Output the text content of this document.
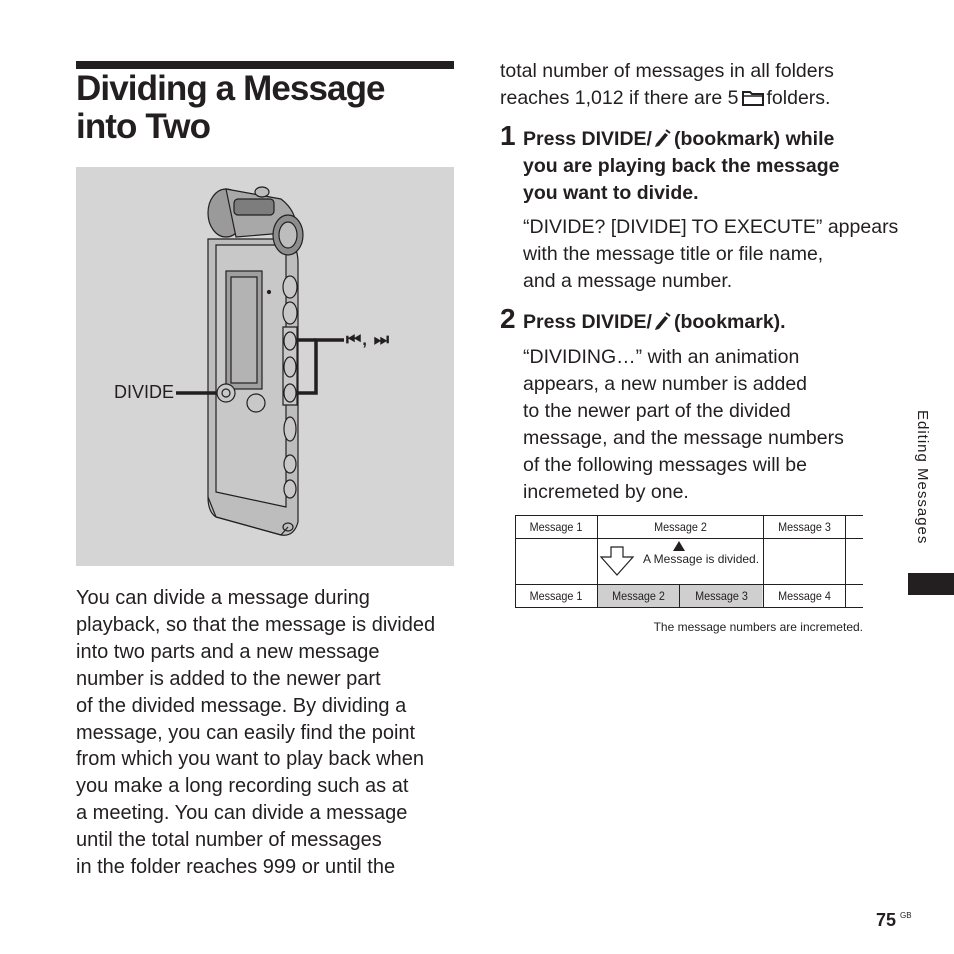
Dividing a Message
into Two
DIVIDE
⏮, ⏭

You can divide a message during
playback, so that the message is divided
into two parts and a new message
number is added to the newer part
of the divided message. By dividing a
message, you can easily find the point
from which you want to play back when
you make a long recording such as at
a meeting. You can divide a message
until the total number of messages
in the folder reaches 999 or until the

total number of messages in all folders
reaches 1,012 if there are 5 folders.

1 Press DIVIDE/ (bookmark) while
you are playing back the message
you want to divide.

“DIVIDE? [DIVIDE] TO EXECUTE” appears
with the message title or file name,
and a message number.

2 Press DIVIDE/ (bookmark).

“DIVIDING…” with an animation
appears, a new number is added
to the newer part of the divided
message, and the message numbers
of the following messages will be
incremeted by one.

Message 1	Message 2	Message 3
A Message is divided.
Message 1	Message 2	Message 3	Message 4
The message numbers are incremeted.
Editing Messages
75 GB
